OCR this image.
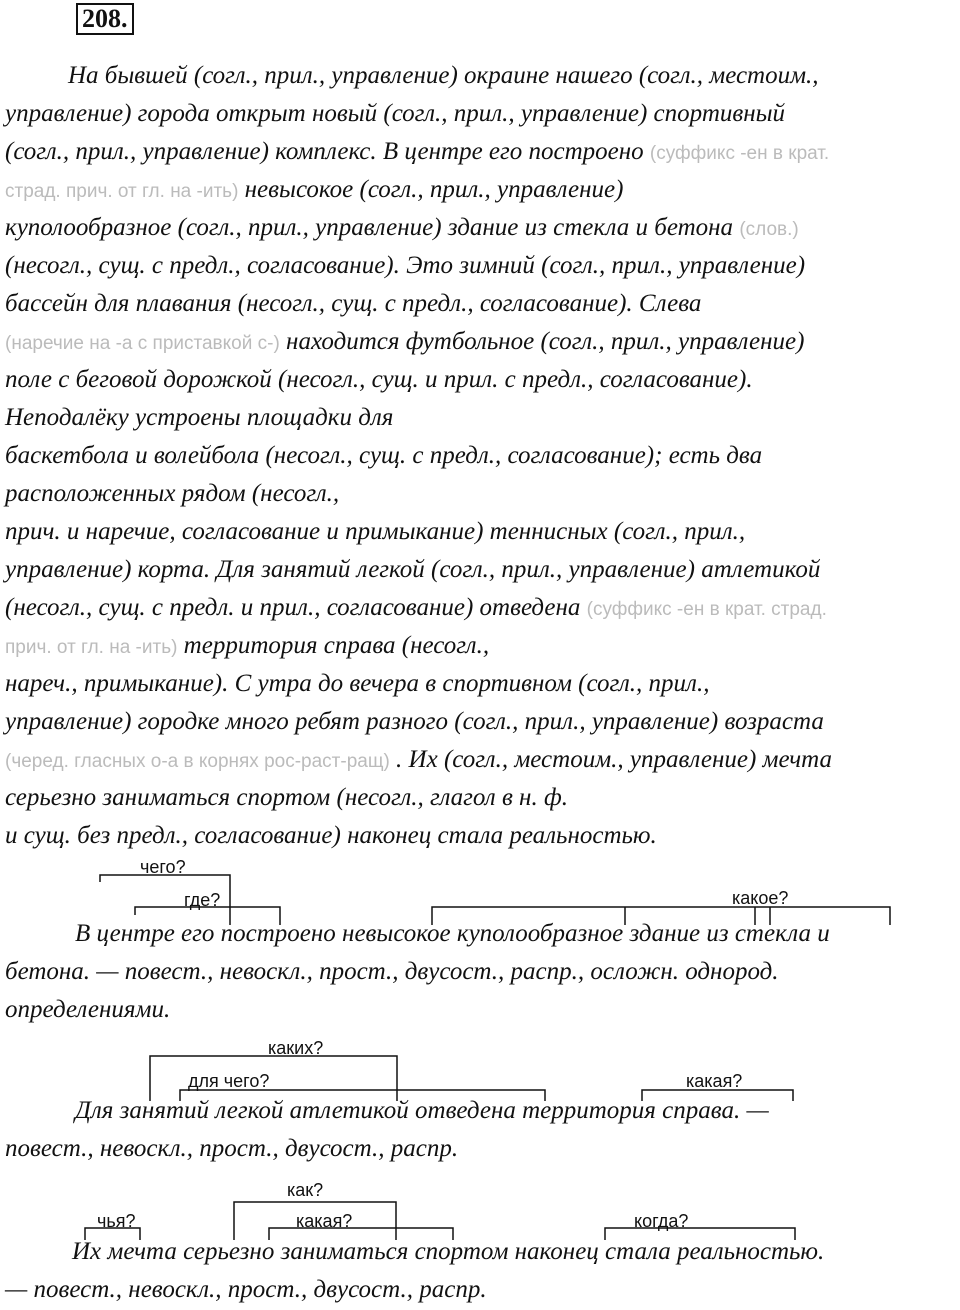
208.
На бывшей (согл., прил., управление) окраине нашего (согл., местоим.,
управление) города открыт новый (согл., прил., управление) спортивный
(согл., прил., управление) комплекс. В центре его построено (суффикс -ен в крат.
страд. прич. от гл. на -ить) невысокое (согл., прил., управление)
куполообразное (согл., прил., управление) здание из стекла и бетона (слов.)
(несогл., сущ. с предл., согласование). Это зимний (согл., прил., управление)
бассейн для плавания (несогл., сущ. с предл., согласование). Слева
(наречие на -а с приставкой с-) находится футбольное (согл., прил., управление)
поле с беговой дорожкой (несогл., сущ. и прил. с предл., согласование).
Неподалёку устроены площадки для
баскетбола и волейбола (несогл., сущ. с предл., согласование); есть два
расположенных рядом (несогл.,
прич. и наречие, согласование и примыкание) теннисных (согл., прил.,
управление) корта. Для занятий легкой (согл., прил., управление) атлетикой
(несогл., сущ. с предл. и прил., согласование) отведена (суффикс -ен в крат. страд.
прич. от гл. на -ить) территория справа (несогл.,
нареч., примыкание). С утра до вечера в спортивном (согл., прил.,
управление) городке много ребят разного (согл., прил., управление) возраста
(черед. гласных о-а в корнях рос-раст-ращ) . Их (согл., местоим., управление) мечта
серьезно заниматься спортом (несогл., глагол в н. ф.
и сущ. без предл., согласование) наконец стала реальностью.
(= низкое) (слов.) (суффикс -ен в крат. страд. прич. от гл. на -ить) (суффикс -енн в полн. страд. прич. от гл. на -ить) (наречие на -а с приставкой с-) (разделит. ь) (что делать?) (наречие)
чего?
где?	какое?
В центре его построено невысокое куполообразное здание из стекла и
бетона. — повест., невоскл., прост., двусост., распр., осложн. однород.
определениями.
каких?
для чего?	какая?
Для занятий легкой атлетикой отведена территория справа. —
повест., невоскл., прост., двусост., распр.
как?
чья?	какая?	когда?
Их мечта серьезно заниматься спортом наконец стала реальностью.
— повест., невоскл., прост., двусост., распр.
